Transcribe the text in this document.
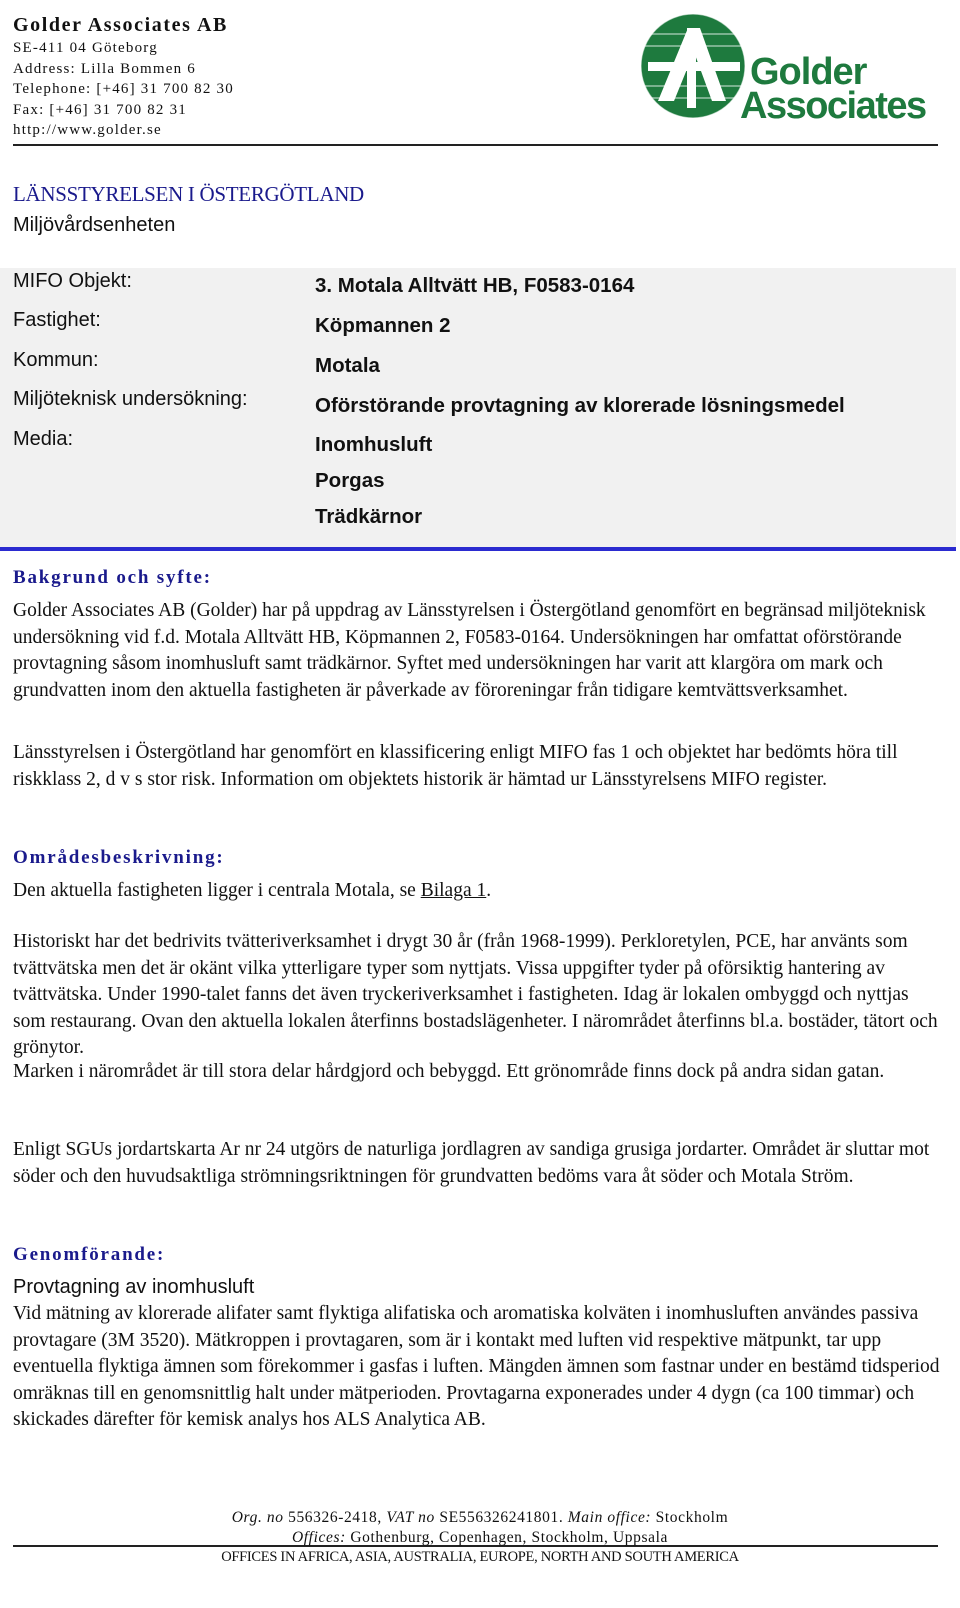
Golder Associates AB
SE-411 04 Göteborg
Address: Lilla Bommen 6
Telephone: [+46] 31 700 82 30
Fax: [+46] 31 700 82 31
http://www.golder.se
Golder
Associates
LÄNSSTYRELSEN I ÖSTERGÖTLAND
Miljövårdsenheten
MIFO Objekt:	3. Motala Alltvätt HB, F0583-0164
Fastighet:	Köpmannen 2
Kommun:	Motala
Miljöteknisk undersökning:	Oförstörande provtagning av klorerade lösningsmedel
Media:	Inomhusluft
Porgas
Trädkärnor
Bakgrund och syfte:

Golder Associates AB (Golder) har på uppdrag av Länsstyrelsen i Östergötland genomfört en begränsad miljöteknisk undersökning vid f.d. Motala Alltvätt HB, Köpmannen 2, F0583-0164. Undersökningen har omfattat oförstörande provtagning såsom inomhusluft samt trädkärnor. Syftet med undersökningen har varit att klargöra om mark och grundvatten inom den aktuella fastigheten är påverkade av föroreningar från tidigare kemtvättsverksamhet.

Länsstyrelsen i Östergötland har genomfört en klassificering enligt MIFO fas 1 och objektet har bedömts höra till riskklass 2, d v s stor risk. Information om objektets historik är hämtad ur Länsstyrelsens MIFO register.

Områdesbeskrivning:

Den aktuella fastigheten ligger i centrala Motala, se Bilaga 1.

Historiskt har det bedrivits tvätteriverksamhet i drygt 30 år (från 1968-1999). Perkloretylen, PCE, har använts som tvättvätska men det är okänt vilka ytterligare typer som nyttjats. Vissa uppgifter tyder på oförsiktig hantering av tvättvätska. Under 1990-talet fanns det även tryckeriverksamhet i fastigheten. Idag är lokalen ombyggd och nyttjas som restaurang. Ovan den aktuella lokalen återfinns bostadslägenheter. I närområdet återfinns bl.a. bostäder, tätort och grönytor.

Marken i närområdet är till stora delar hårdgjord och bebyggd. Ett grönområde finns dock på andra sidan gatan.

Enligt SGUs jordartskarta Ar nr 24 utgörs de naturliga jordlagren av sandiga grusiga jordarter. Området är sluttar mot söder och den huvudsaktliga strömningsriktningen för grundvatten bedöms vara åt söder och Motala Ström.

Genomförande:
Provtagning av inomhusluft

Vid mätning av klorerade alifater samt flyktiga alifatiska och aromatiska kolväten i inomhusluften användes passiva provtagare (3M 3520). Mätkroppen i provtagaren, som är i kontakt med luften vid respektive mätpunkt, tar upp eventuella flyktiga ämnen som förekommer i gasfas i luften. Mängden ämnen som fastnar under en bestämd tidsperiod omräknas till en genomsnittlig halt under mätperioden. Provtagarna exponerades under 4 dygn (ca 100 timmar) och skickades därefter för kemisk analys hos ALS Analytica AB.

Org. no 556326-2418, VAT no SE556326241801. Main office: Stockholm
Offices: Gothenburg, Copenhagen, Stockholm, Uppsala
OFFICES IN AFRICA, ASIA, AUSTRALIA, EUROPE, NORTH AND SOUTH AMERICA
